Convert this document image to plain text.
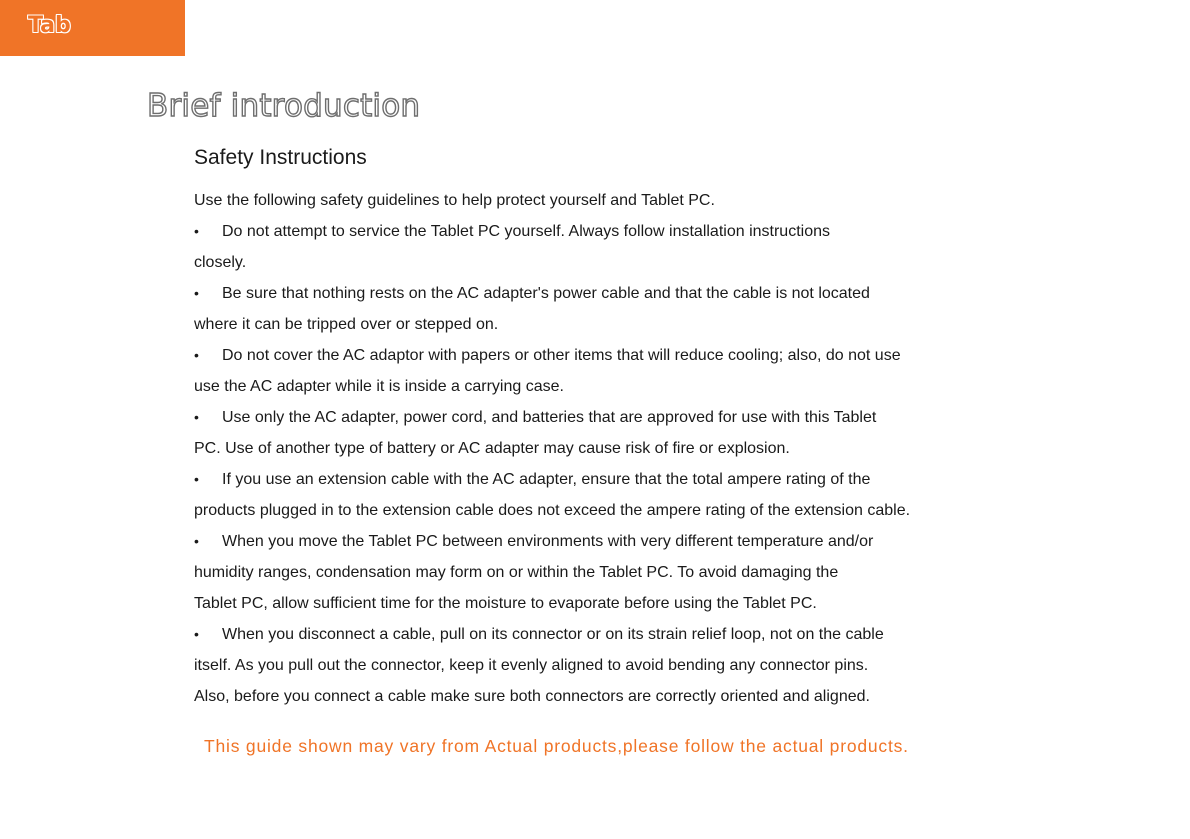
Tab
Brief introduction
Safety Instructions
Use the following safety guidelines to help protect yourself and Tablet PC.
•	Do not attempt to service the Tablet PC yourself. Always follow installation instructions
closely.
•	Be sure that nothing rests on the AC adapter's power cable and that the cable is not located
where it can be tripped over or stepped on.
•	Do not cover the AC adaptor with papers or other items that will reduce cooling; also, do not use
use the AC adapter while it is inside a carrying case.
•	Use only the AC adapter, power cord, and batteries that are approved for use with this Tablet
PC. Use of another type of battery or AC adapter may cause risk of fire or explosion.
•	If you use an extension cable with the AC adapter, ensure that the total ampere rating of the
products plugged in to the extension cable does not exceed the ampere rating of the extension cable.
•	When you move the Tablet PC between environments with very different temperature and/or
humidity ranges, condensation may form on or within the Tablet PC. To avoid damaging the
Tablet PC, allow sufficient time for the moisture to evaporate before using the Tablet PC.
•	When you disconnect a cable, pull on its connector or on its strain relief loop, not on the cable
itself. As you pull out the connector, keep it evenly aligned to avoid bending any connector pins.
Also, before you connect a cable make sure both connectors are correctly oriented and aligned.
This guide shown may vary from Actual products,please follow the actual products.
